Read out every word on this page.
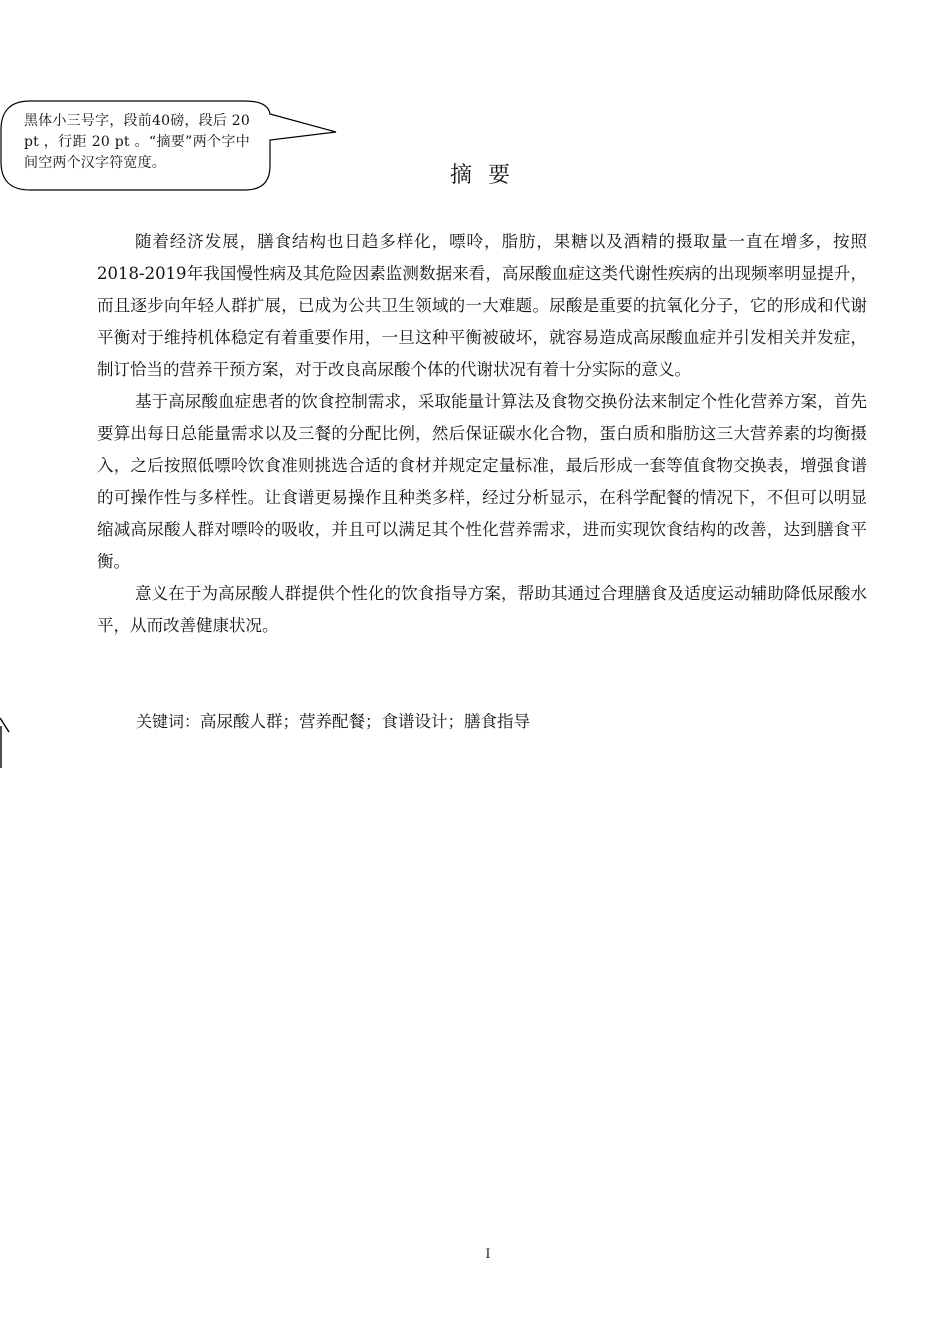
黑体小三号字，段前40磅，段后 20 pt ，行距 20 pt 。“摘要”两个字中间空两个汉字符宽度。	摘要

随着经济发展，膳食结构也日趋多样化，嘌呤，脂肪，果糖以及酒精的摄取量一直在增多，按照2018-2019年我国慢性病及其危险因素监测数据来看，高尿酸血症这类代谢性疾病的出现频率明显提升，而且逐步向年轻人群扩展，已成为公共卫生领域的一大难题。尿酸是重要的抗氧化分子，它的形成和代谢平衡对于维持机体稳定有着重要作用，一旦这种平衡被破坏，就容易造成高尿酸血症并引发相关并发症，制订恰当的营养干预方案，对于改良高尿酸个体的代谢状况有着十分实际的意义。

基于高尿酸血症患者的饮食控制需求，采取能量计算法及食物交换份法来制定个性化营养方案，首先要算出每日总能量需求以及三餐的分配比例，然后保证碳水化合物，蛋白质和脂肪这三大营养素的均衡摄入，之后按照低嘌呤饮食准则挑选合适的食材并规定定量标准，最后形成一套等值食物交换表，增强食谱的可操作性与多样性。让食谱更易操作且种类多样，经过分析显示，在科学配餐的情况下，不但可以明显缩减高尿酸人群对嘌呤的吸收，并且可以满足其个性化营养需求，进而实现饮食结构的改善，达到膳食平衡。

意义在于为高尿酸人群提供个性化的饮食指导方案，帮助其通过合理膳食及适度运动辅助降低尿酸水平，从而改善健康状况。

关键词：高尿酸人群；营养配餐；食谱设计；膳食指导
I
